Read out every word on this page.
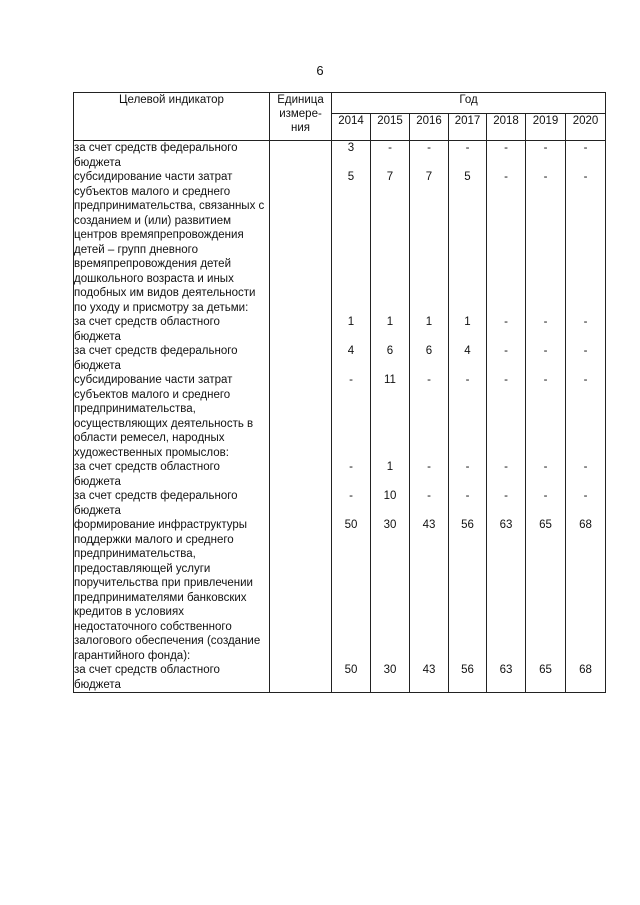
6
Целевой индикатор	Единица измере-ния	Год						
		2014	2015	2016	2017	2018	2019	2020
за счет средств федерального бюджета		3	-	-	-	-	-	-
субсидирование части затрат субъектов малого и среднего предпринимательства, связанных с созданием и (или) развитием центров времяпрепровождения детей – групп дневного времяпрепровождения детей дошкольного возраста и иных подобных им видов деятельности по уходу и присмотру за детьми:		5	7	7	5	-	-	-
за счет средств областного бюджета		1	1	1	1	-	-	-
за счет средств федерального бюджета		4	6	6	4	-	-	-
субсидирование части затрат субъектов малого и среднего предпринимательства, осуществляющих деятельность в области ремесел, народных художественных промыслов:		-	11	-	-	-	-	-
за счет средств областного бюджета		-	1	-	-	-	-	-
за счет средств федерального бюджета		-	10	-	-	-	-	-
формирование инфраструктуры поддержки малого и среднего предпринимательства, предоставляющей услуги поручительства при привлечении предпринимателями банковских кредитов в условиях недостаточного собственного залогового обеспечения (создание гарантийного фонда):		50	30	43	56	63	65	68
за счет средств областного бюджета		50	30	43	56	63	65	68
